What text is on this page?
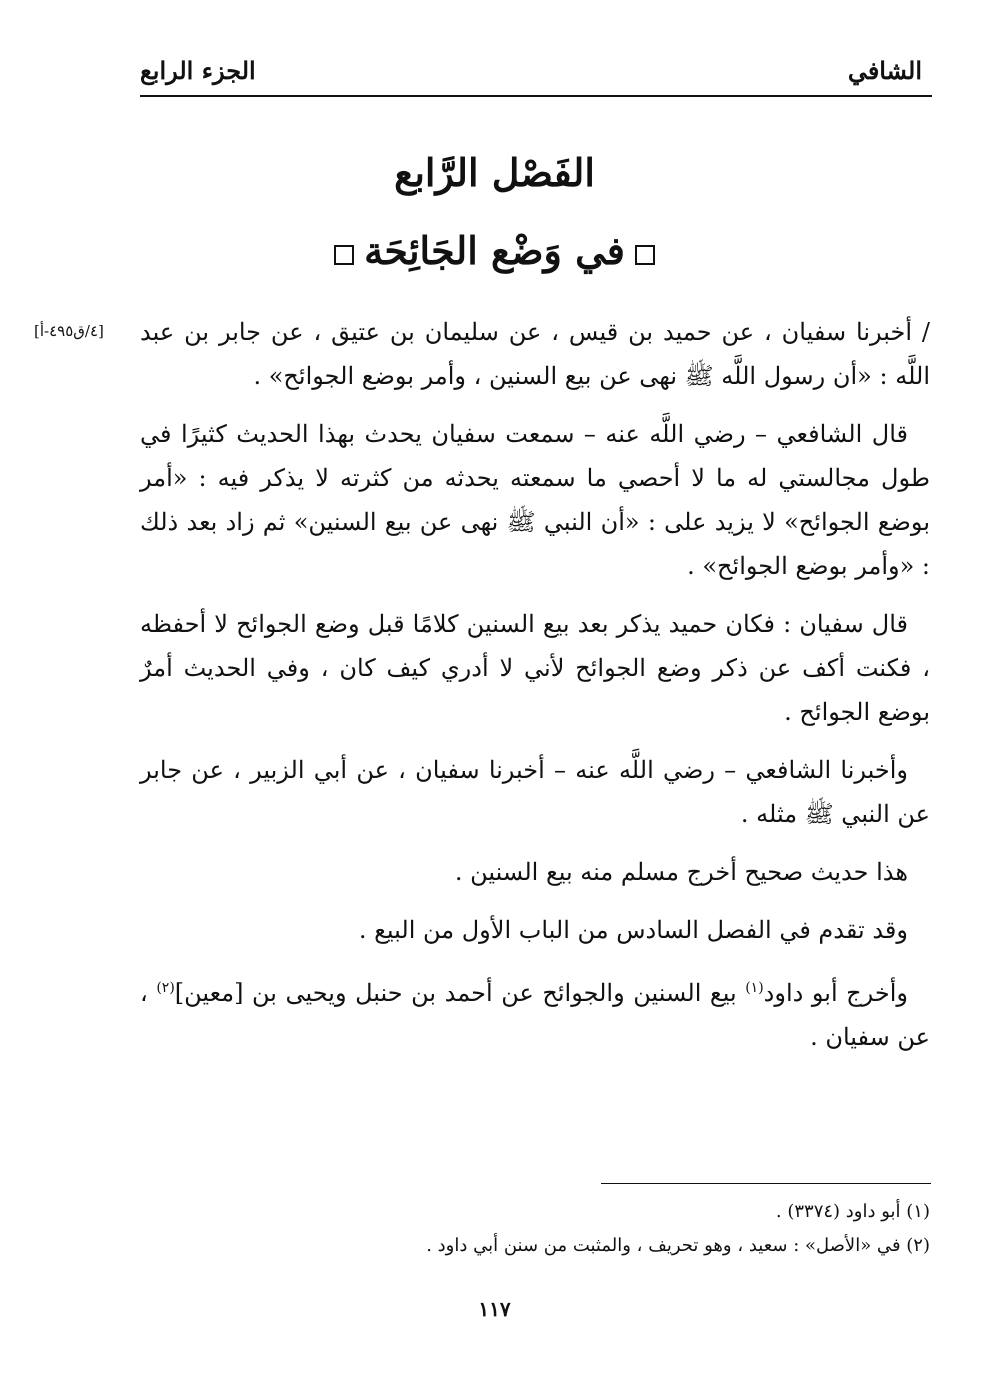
الشافي
الجزء الرابع
الفَصْل الرَّابع
في وَضْع الجَائِحَة
[٤/ق٤٩٥-أ] / أخبرنا سفيان ، عن حميد بن قيس ، عن سليمان بن عتيق ، عن جابر بن عبد اللَّه : «أن رسول اللَّه ﷺ نهى عن بيع السنين ، وأمر بوضع الجوائح» .

قال الشافعي – رضي اللَّه عنه – سمعت سفيان يحدث بهذا الحديث كثيرًا في طول مجالستي له ما لا أحصي ما سمعته يحدثه من كثرته لا يذكر فيه : «أمر بوضع الجوائح» لا يزيد على : «أن النبي ﷺ نهى عن بيع السنين» ثم زاد بعد ذلك : «وأمر بوضع الجوائح» .

قال سفيان : فكان حميد يذكر بعد بيع السنين كلامًا قبل وضع الجوائح لا أحفظه ، فكنت أكف عن ذكر وضع الجوائح لأني لا أدري كيف كان ، وفي الحديث أمرٌ بوضع الجوائح .

وأخبرنا الشافعي – رضي اللَّه عنه – أخبرنا سفيان ، عن أبي الزبير ، عن جابر عن النبي ﷺ مثله .

هذا حديث صحيح أخرج مسلم منه بيع السنين .

وقد تقدم في الفصل السادس من الباب الأول من البيع .

وأخرج أبو داود$^{(١)}$ بيع السنين والجوائح عن أحمد بن حنبل ويحيى بن [معين]$^{(٢)}$ ، عن سفيان .

(١) أبو داود (٣٣٧٤) .
(٢) في «الأصل» : سعيد ، وهو تحريف ، والمثبت من سنن أبي داود .
١١٧
